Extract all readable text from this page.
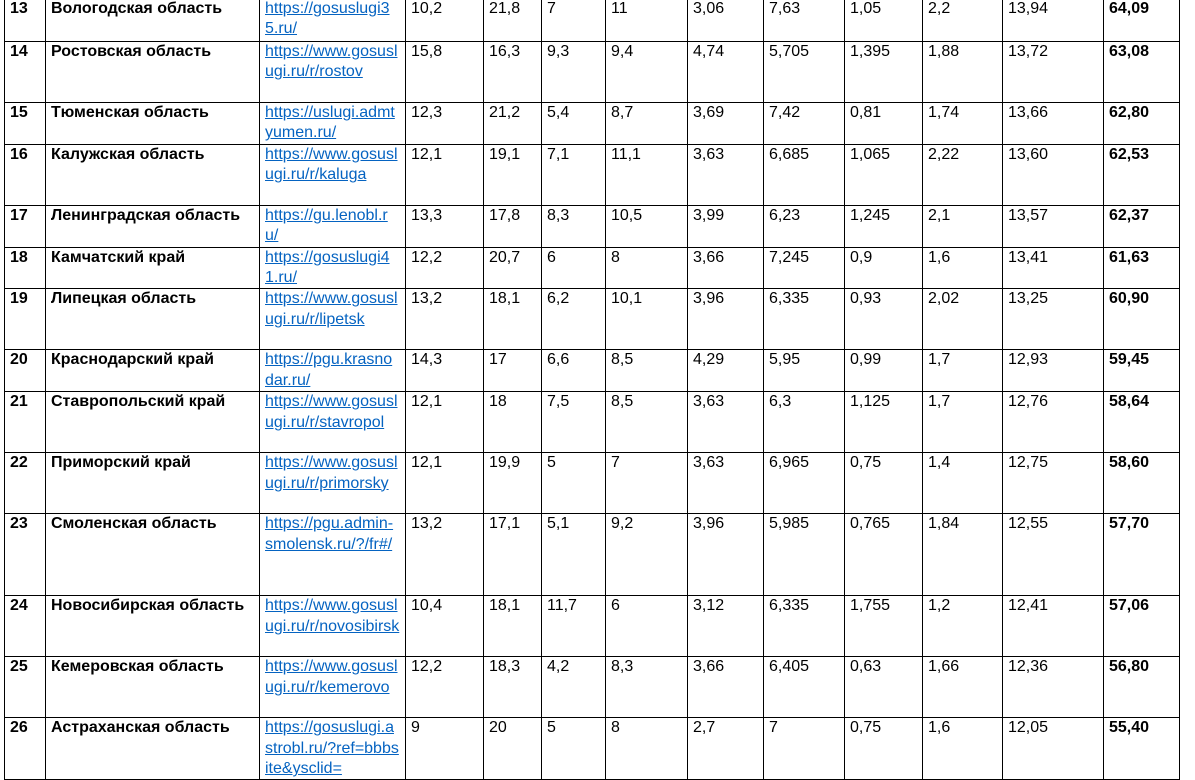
13	Вологодская область	https://gosuslugi35.ru/	10,2	21,8	7	11	3,06	7,63	1,05	2,2	13,94	64,09
14	Ростовская область	https://www.gosuslugi.ru/r/rostov	15,8	16,3	9,3	9,4	4,74	5,705	1,395	1,88	13,72	63,08
15	Тюменская область	https://uslugi.admtyumen.ru/	12,3	21,2	5,4	8,7	3,69	7,42	0,81	1,74	13,66	62,80
16	Калужская область	https://www.gosuslugi.ru/r/kaluga	12,1	19,1	7,1	11,1	3,63	6,685	1,065	2,22	13,60	62,53
17	Ленинградская область	https://gu.lenobl.ru/	13,3	17,8	8,3	10,5	3,99	6,23	1,245	2,1	13,57	62,37
18	Камчатский край	https://gosuslugi41.ru/	12,2	20,7	6	8	3,66	7,245	0,9	1,6	13,41	61,63
19	Липецкая область	https://www.gosuslugi.ru/r/lipetsk	13,2	18,1	6,2	10,1	3,96	6,335	0,93	2,02	13,25	60,90
20	Краснодарский край	https://pgu.krasnodar.ru/	14,3	17	6,6	8,5	4,29	5,95	0,99	1,7	12,93	59,45
21	Ставропольский край	https://www.gosuslugi.ru/r/stavropol	12,1	18	7,5	8,5	3,63	6,3	1,125	1,7	12,76	58,64
22	Приморский край	https://www.gosuslugi.ru/r/primorsky	12,1	19,9	5	7	3,63	6,965	0,75	1,4	12,75	58,60
23	Смоленская область	https://pgu.admin-smolensk.ru/?/fr#/	13,2	17,1	5,1	9,2	3,96	5,985	0,765	1,84	12,55	57,70
24	Новосибирская область	https://www.gosuslugi.ru/r/novosibirsk	10,4	18,1	11,7	6	3,12	6,335	1,755	1,2	12,41	57,06
25	Кемеровская область	https://www.gosuslugi.ru/r/kemerovo	12,2	18,3	4,2	8,3	3,66	6,405	0,63	1,66	12,36	56,80
26	Астраханская область	https://gosuslugi.astrobl.ru/?ref=bbbsite&ysclid=	9	20	5	8	2,7	7	0,75	1,6	12,05	55,40
